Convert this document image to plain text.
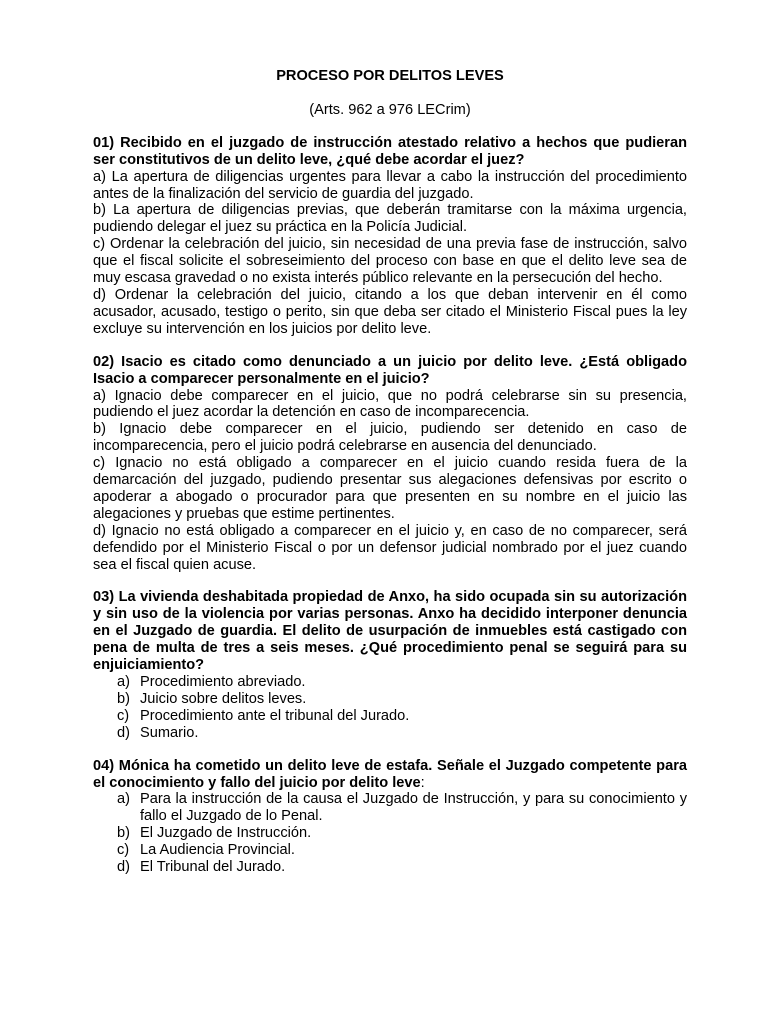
PROCESO POR DELITOS LEVES
(Arts. 962 a 976 LECrim)
01) Recibido en el juzgado de instrucción atestado relativo a hechos que pudieran ser constitutivos de un delito leve, ¿qué debe acordar el juez?
a) La apertura de diligencias urgentes para llevar a cabo la instrucción del procedimiento antes de la finalización del servicio de guardia del juzgado.
b) La apertura de diligencias previas, que deberán tramitarse con la máxima urgencia, pudiendo delegar el juez su práctica en la Policía Judicial.
c) Ordenar la celebración del juicio, sin necesidad de una previa fase de instrucción, salvo que el fiscal solicite el sobreseimiento del proceso con base en que el delito leve sea de muy escasa gravedad o no exista interés público relevante en la persecución del hecho.
d) Ordenar la celebración del juicio, citando a los que deban intervenir en él como acusador, acusado, testigo o perito, sin que deba ser citado el Ministerio Fiscal pues la ley excluye su intervención en los juicios por delito leve.
02) Isacio es citado como denunciado a un juicio por delito leve. ¿Está obligado Isacio a comparecer personalmente en el juicio?
a) Ignacio debe comparecer en el juicio, que no podrá celebrarse sin su presencia, pudiendo el juez acordar la detención en caso de incomparecencia.
b) Ignacio debe comparecer en el juicio, pudiendo ser detenido en caso de incomparecencia, pero el juicio podrá celebrarse en ausencia del denunciado.
c) Ignacio no está obligado a comparecer en el juicio cuando resida fuera de la demarcación del juzgado, pudiendo presentar sus alegaciones defensivas por escrito o apoderar a abogado o procurador para que presenten en su nombre en el juicio las alegaciones y pruebas que estime pertinentes.
d) Ignacio no está obligado a comparecer en el juicio y, en caso de no comparecer, será defendido por el Ministerio Fiscal o por un defensor judicial nombrado por el juez cuando sea el fiscal quien acuse.
03) La vivienda deshabitada propiedad de Anxo, ha sido ocupada sin su autorización y sin uso de la violencia por varias personas. Anxo ha decidido interponer denuncia en el Juzgado de guardia. El delito de usurpación de inmuebles está castigado con pena de multa de tres a seis meses. ¿Qué procedimiento penal se seguirá para su enjuiciamiento?
a) Procedimiento abreviado.
b) Juicio sobre delitos leves.
c) Procedimiento ante el tribunal del Jurado.
d) Sumario.
04) Mónica ha cometido un delito leve de estafa. Señale el Juzgado competente para el conocimiento y fallo del juicio por delito leve:
a) Para la instrucción de la causa el Juzgado de Instrucción, y para su conocimiento y fallo el Juzgado de lo Penal.
b) El Juzgado de Instrucción.
c) La Audiencia Provincial.
d) El Tribunal del Jurado.
